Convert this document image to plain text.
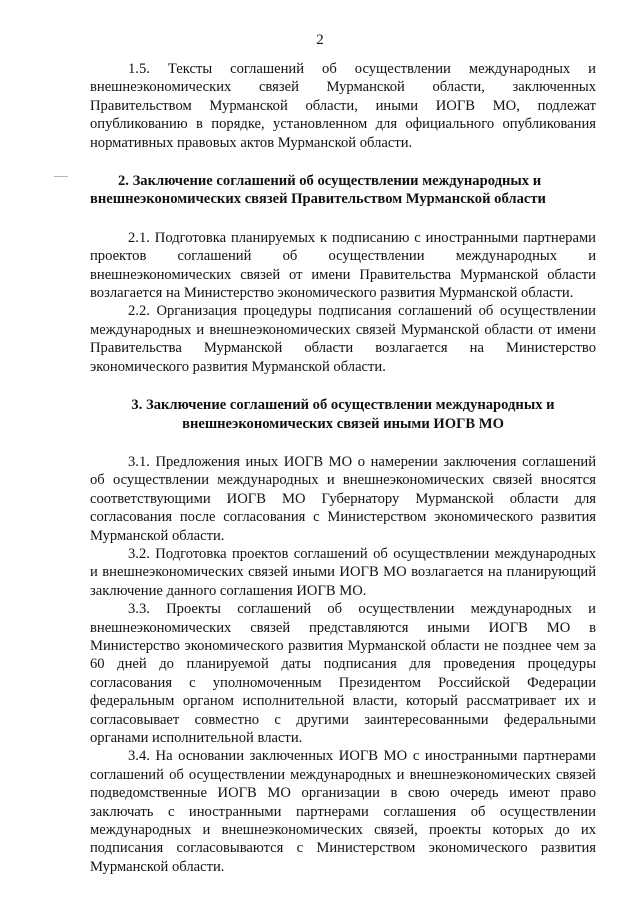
2

1.5. Тексты соглашений об осуществлении международных и внешнеэкономических связей Мурманской области, заключенных Правительством Мурманской области, иными ИОГВ МО, подлежат опубликованию в порядке, установленном для официального опубликования нормативных правовых актов Мурманской области.

2. Заключение соглашений об осуществлении международных и внешнеэкономических связей Правительством Мурманской области

2.1. Подготовка планируемых к подписанию с иностранными партнерами проектов соглашений об осуществлении международных и внешнеэкономических связей от имени Правительства Мурманской области возлагается на Министерство экономического развития Мурманской области.

2.2. Организация процедуры подписания соглашений об осуществлении международных и внешнеэкономических связей Мурманской области от имени Правительства Мурманской области возлагается на Министерство экономического развития Мурманской области.

3. Заключение соглашений об осуществлении международных и внешнеэкономических связей иными ИОГВ МО

3.1. Предложения иных ИОГВ МО о намерении заключения соглашений об осуществлении международных и внешнеэкономических связей вносятся соответствующими ИОГВ МО Губернатору Мурманской области для согласования после согласования с Министерством экономического развития Мурманской области.

3.2. Подготовка проектов соглашений об осуществлении международных и внешнеэкономических связей иными ИОГВ МО возлагается на планирующий заключение данного соглашения ИОГВ МО.

3.3. Проекты соглашений об осуществлении международных и внешнеэкономических связей представляются иными ИОГВ МО в Министерство экономического развития Мурманской области не позднее чем за 60 дней до планируемой даты подписания для проведения процедуры согласования с уполномоченным Президентом Российской Федерации федеральным органом исполнительной власти, который рассматривает их и согласовывает совместно с другими заинтересованными федеральными органами исполнительной власти.

3.4. На основании заключенных ИОГВ МО с иностранными партнерами соглашений об осуществлении международных и внешнеэкономических связей подведомственные ИОГВ МО организации в свою очередь имеют право заключать с иностранными партнерами соглашения об осуществлении международных и внешнеэкономических связей, проекты которых до их подписания согласовываются с Министерством экономического развития Мурманской области.
